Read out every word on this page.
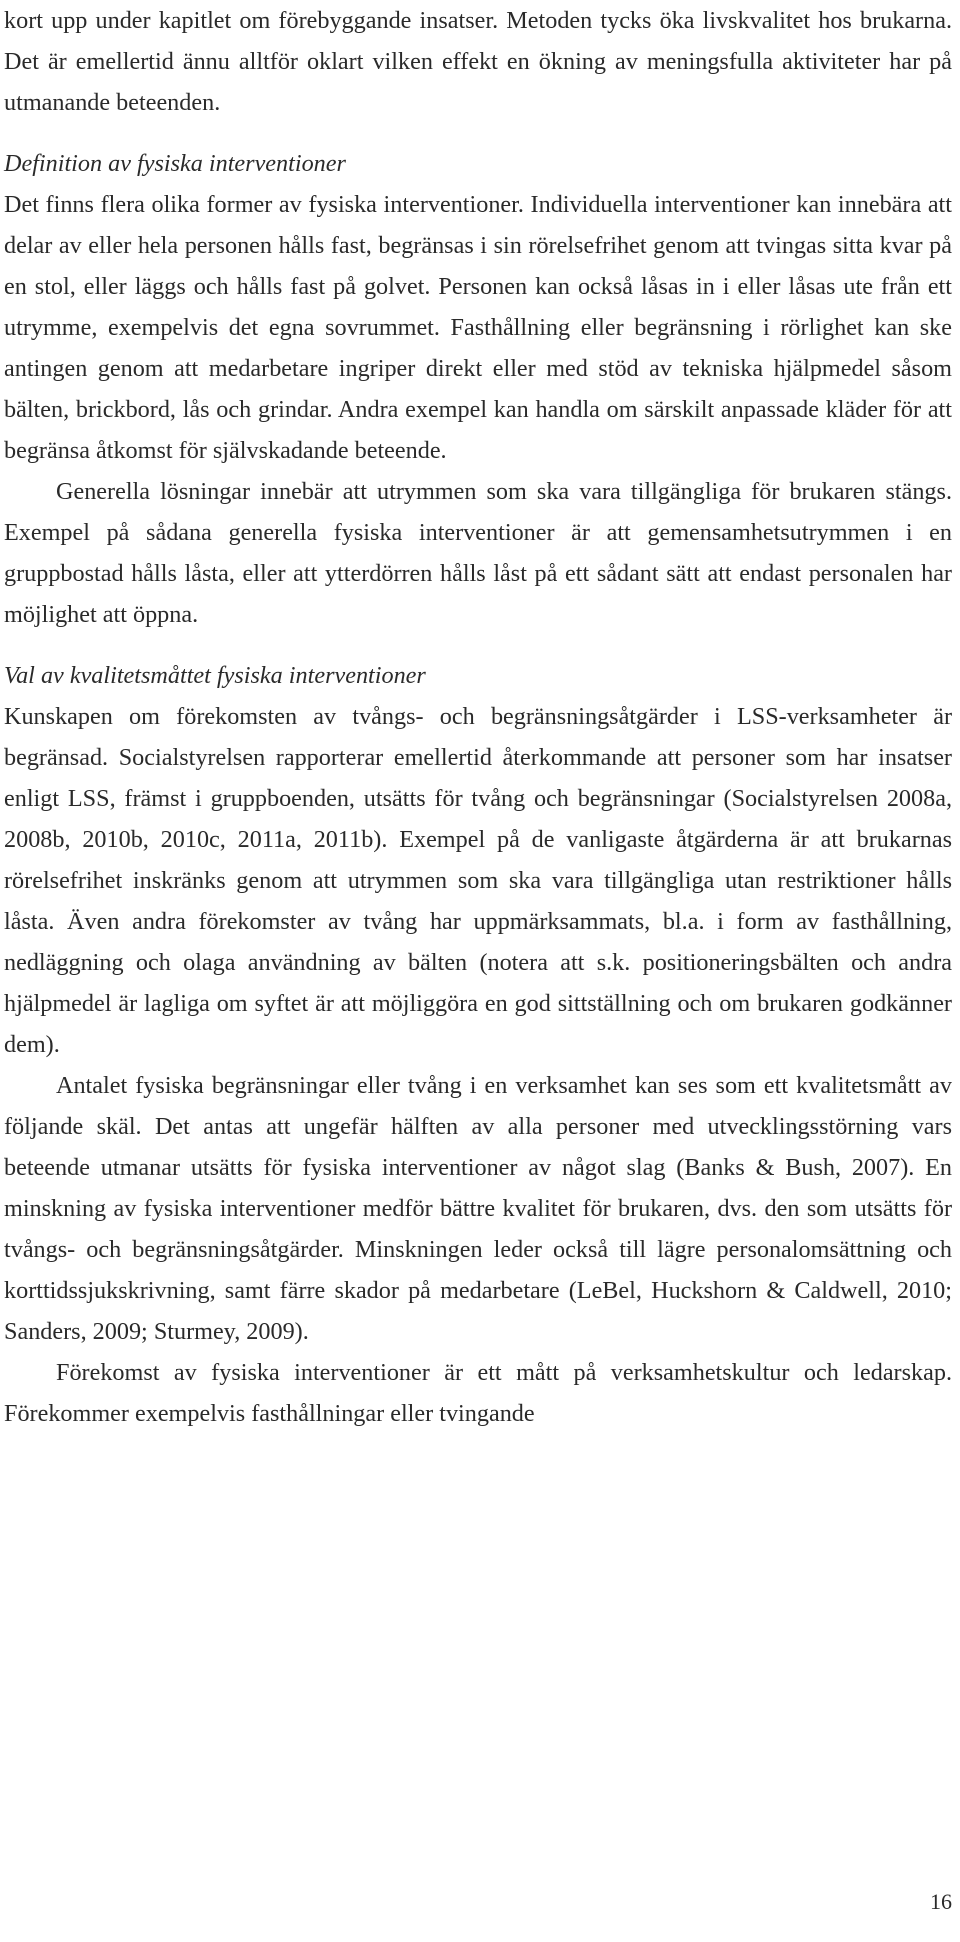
kort upp under kapitlet om förebyggande insatser. Metoden tycks öka livskvalitet hos brukarna. Det är emellertid ännu alltför oklart vilken effekt en ökning av meningsfulla aktiviteter har på utmanande beteenden.

Definition av fysiska interventioner

Det finns flera olika former av fysiska interventioner. Individuella interventioner kan innebära att delar av eller hela personen hålls fast, begränsas i sin rörelsefrihet genom att tvingas sitta kvar på en stol, eller läggs och hålls fast på golvet. Personen kan också låsas in i eller låsas ute från ett utrymme, exempelvis det egna sovrummet. Fasthållning eller begränsning i rörlighet kan ske antingen genom att medarbetare ingriper direkt eller med stöd av tekniska hjälpmedel såsom bälten, brickbord, lås och grindar. Andra exempel kan handla om särskilt anpassade kläder för att begränsa åtkomst för självskadande beteende.

Generella lösningar innebär att utrymmen som ska vara tillgängliga för brukaren stängs. Exempel på sådana generella fysiska interventioner är att gemensamhetsutrymmen i en gruppbostad hålls låsta, eller att ytterdörren hålls låst på ett sådant sätt att endast personalen har möjlighet att öppna.

Val av kvalitetsmåttet fysiska interventioner

Kunskapen om förekomsten av tvångs- och begränsningsåtgärder i LSS-verksamheter är begränsad. Socialstyrelsen rapporterar emellertid återkommande att personer som har insatser enligt LSS, främst i gruppboenden, utsätts för tvång och begränsningar (Socialstyrelsen 2008a, 2008b, 2010b, 2010c, 2011a, 2011b). Exempel på de vanligaste åtgärderna är att brukarnas rörelsefrihet inskränks genom att utrymmen som ska vara tillgängliga utan restriktioner hålls låsta. Även andra förekomster av tvång har uppmärksammats, bl.a. i form av fasthållning, nedläggning och olaga användning av bälten (notera att s.k. positioneringsbälten och andra hjälpmedel är lagliga om syftet är att möjliggöra en god sittställning och om brukaren godkänner dem).

Antalet fysiska begränsningar eller tvång i en verksamhet kan ses som ett kvalitetsmått av följande skäl. Det antas att ungefär hälften av alla personer med utvecklingsstörning vars beteende utmanar utsätts för fysiska interventioner av något slag (Banks & Bush, 2007). En minskning av fysiska interventioner medför bättre kvalitet för brukaren, dvs. den som utsätts för tvångs- och begränsningsåtgärder. Minskningen leder också till lägre personalomsättning och korttidssjukskrivning, samt färre skador på medarbetare (LeBel, Huckshorn & Caldwell, 2010; Sanders, 2009; Sturmey, 2009).

Förekomst av fysiska interventioner är ett mått på verksamhetskultur och ledarskap. Förekommer exempelvis fasthållningar eller tvingande

16
